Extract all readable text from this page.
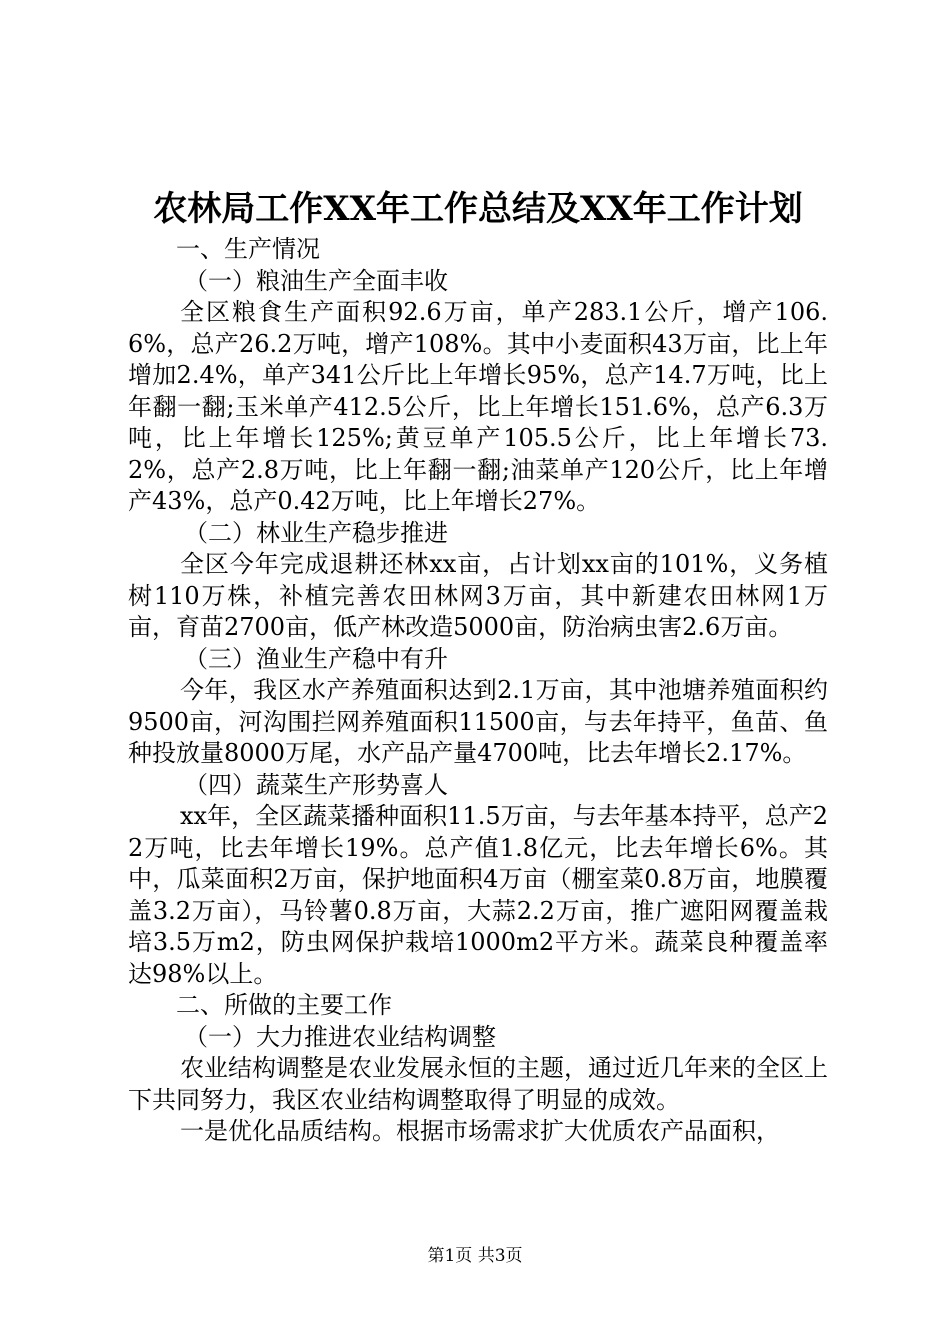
农林局工作XX年工作总结及XX年工作计划

一、生产情况

（一）粮油生产全面丰收

全区粮食生产面积92.6万亩，单产283.1公斤，增产106.6%，总产26.2万吨，增产108%。其中小麦面积43万亩，比上年增加2.4%，单产341公斤比上年增长95%，总产14.7万吨，比上年翻一翻;玉米单产412.5公斤，比上年增长151.6%，总产6.3万吨，比上年增长125%;黄豆单产105.5公斤，比上年增长73.2%，总产2.8万吨，比上年翻一翻;油菜单产120公斤，比上年增产43%，总产0.42万吨，比上年增长27%。

（二）林业生产稳步推进

全区今年完成退耕还林xx亩，占计划xx亩的101%，义务植树110万株，补植完善农田林网3万亩，其中新建农田林网1万亩，育苗2700亩，低产林改造5000亩，防治病虫害2.6万亩。

（三）渔业生产稳中有升

今年，我区水产养殖面积达到2.1万亩，其中池塘养殖面积约9500亩，河沟围拦网养殖面积11500亩，与去年持平，鱼苗、鱼种投放量8000万尾，水产品产量4700吨，比去年增长2.17%。

（四）蔬菜生产形势喜人

xx年，全区蔬菜播种面积11.5万亩，与去年基本持平，总产22万吨，比去年增长19%。总产值1.8亿元，比去年增长6%。其中，瓜菜面积2万亩，保护地面积4万亩（棚室菜0.8万亩，地膜覆盖3.2万亩），马铃薯0.8万亩，大蒜2.2万亩，推广遮阳网覆盖栽培3.5万m2，防虫网保护栽培1000m2平方米。蔬菜良种覆盖率达98%以上。

二、所做的主要工作

（一）大力推进农业结构调整

农业结构调整是农业发展永恒的主题，通过近几年来的全区上下共同努力，我区农业结构调整取得了明显的成效。

一是优化品质结构。根据市场需求扩大优质农产品面积，

第1页 共3页
